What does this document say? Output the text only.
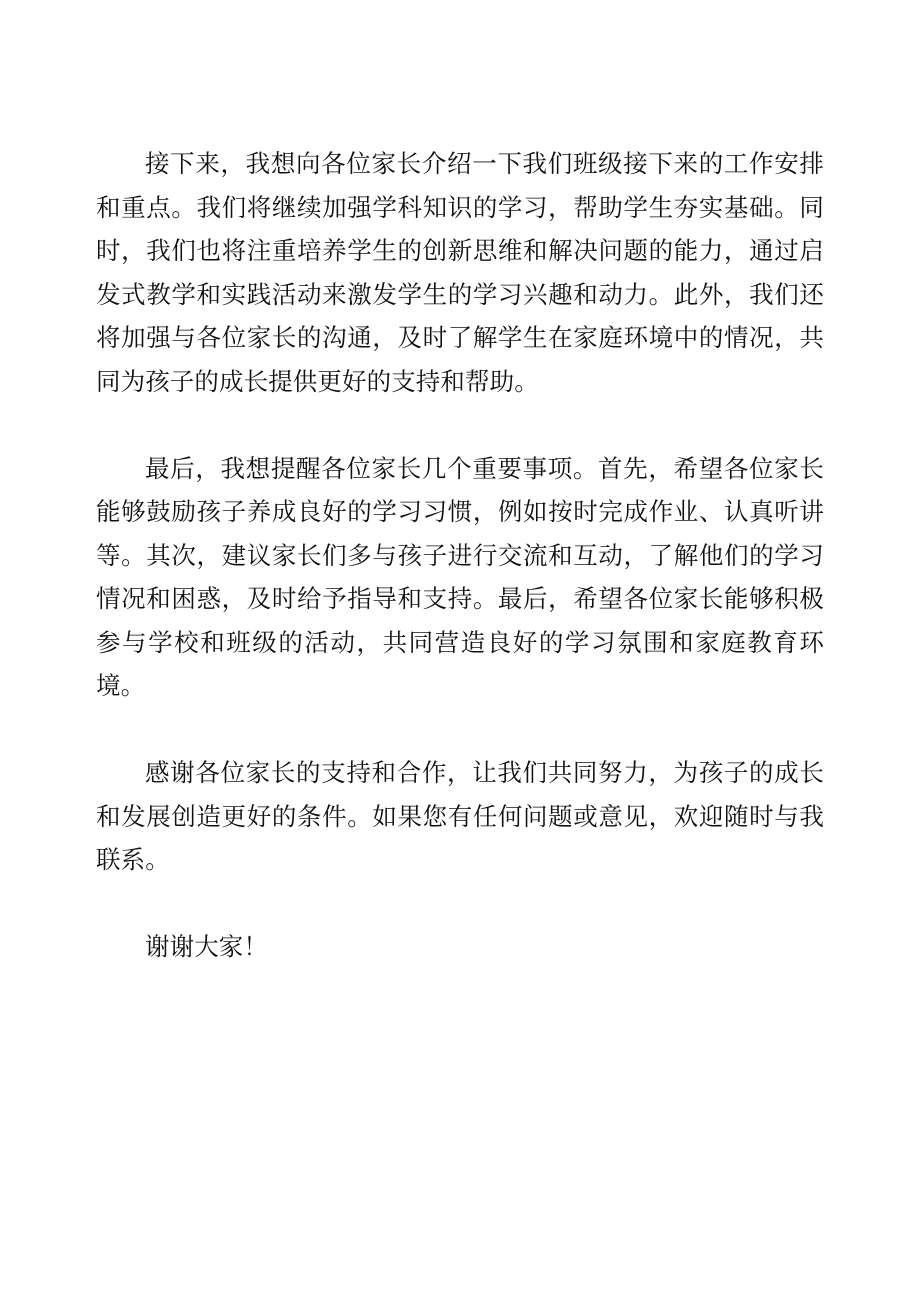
接下来，我想向各位家长介绍一下我们班级接下来的工作安排和重点。我们将继续加强学科知识的学习，帮助学生夯实基础。同时，我们也将注重培养学生的创新思维和解决问题的能力，通过启发式教学和实践活动来激发学生的学习兴趣和动力。此外，我们还将加强与各位家长的沟通，及时了解学生在家庭环境中的情况，共同为孩子的成长提供更好的支持和帮助。

最后，我想提醒各位家长几个重要事项。首先，希望各位家长能够鼓励孩子养成良好的学习习惯，例如按时完成作业、认真听讲等。其次，建议家长们多与孩子进行交流和互动，了解他们的学习情况和困惑，及时给予指导和支持。最后，希望各位家长能够积极参与学校和班级的活动，共同营造良好的学习氛围和家庭教育环境。

感谢各位家长的支持和合作，让我们共同努力，为孩子的成长和发展创造更好的条件。如果您有任何问题或意见，欢迎随时与我联系。

谢谢大家！
